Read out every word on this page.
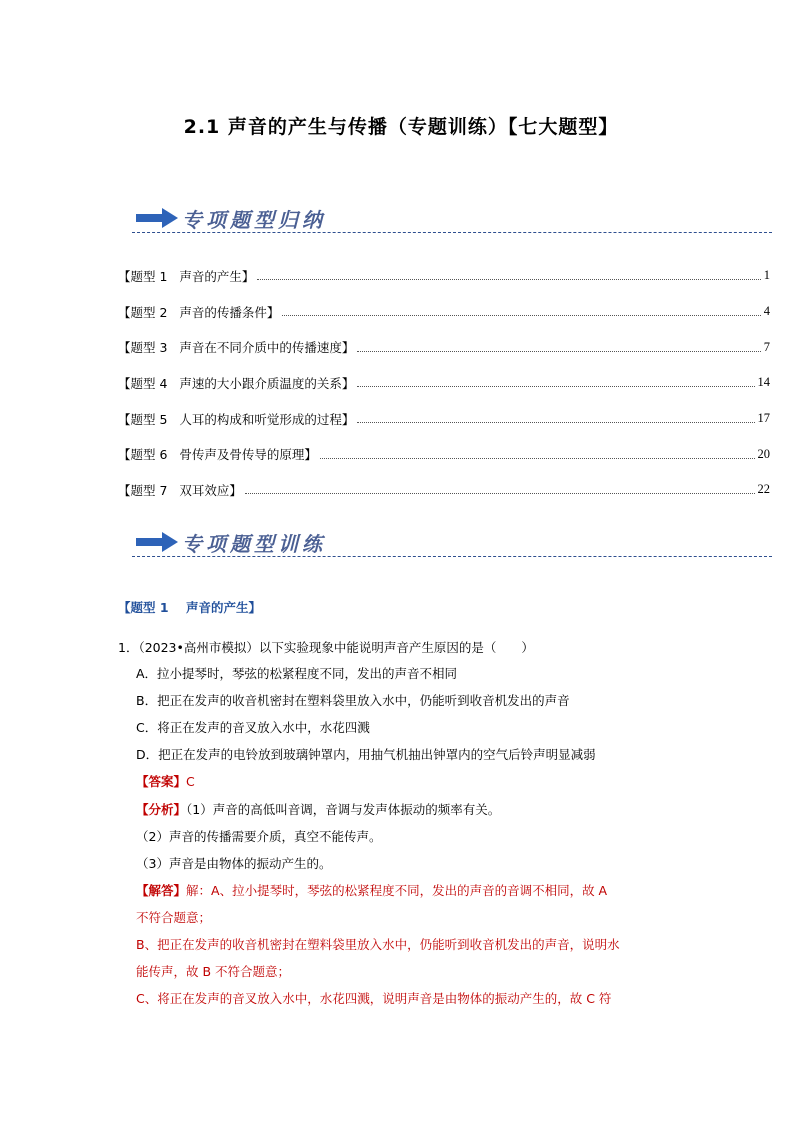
2.1 声音的产生与传播（专题训练）【七大题型】
专项题型归纳
【题型 1   声音的产生】	1
【题型 2   声音的传播条件】	4
【题型 3   声音在不同介质中的传播速度】	7
【题型 4   声速的大小跟介质温度的关系】	14
【题型 5   人耳的构成和听觉形成的过程】	17
【题型 6   骨传声及骨传导的原理】	20
【题型 7   双耳效应】	22
专项题型训练
【题型 1    声音的产生】
1．（2023•高州市模拟）以下实验现象中能说明声音产生原因的是（　　）
A．拉小提琴时，琴弦的松紧程度不同，发出的声音不相同
B．把正在发声的收音机密封在塑料袋里放入水中，仍能听到收音机发出的声音
C．将正在发声的音叉放入水中，水花四溅
D．把正在发声的电铃放到玻璃钟罩内，用抽气机抽出钟罩内的空气后铃声明显减弱
【答案】C
【分析】（1）声音的高低叫音调，音调与发声体振动的频率有关。
（2）声音的传播需要介质，真空不能传声。
（3）声音是由物体的振动产生的。
【解答】解：A、拉小提琴时，琴弦的松紧程度不同，发出的声音的音调不相同，故 A
不符合题意；
B、把正在发声的收音机密封在塑料袋里放入水中，仍能听到收音机发出的声音，说明水
能传声，故 B 不符合题意；
C、将正在发声的音叉放入水中，水花四溅，说明声音是由物体的振动产生的，故 C 符
